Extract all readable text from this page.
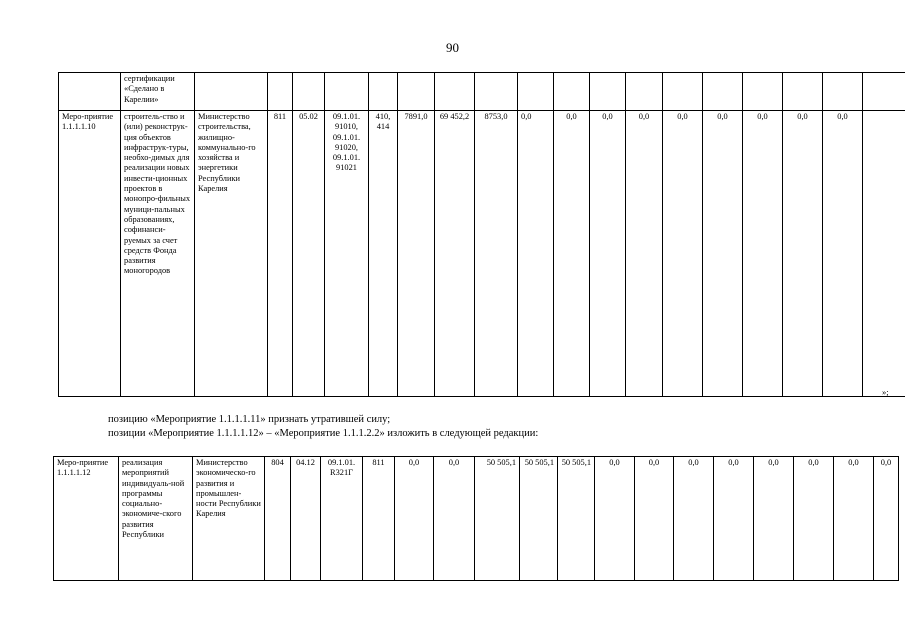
90
	сертификации «Сделано в Карелии»																		
Меро-приятие 1.1.1.1.10	строитель-ство и (или) реконструк-ция объектов инфраструк-туры, необхо-димых для реализации новых инвести-ционных проектов в монопро-фильных муници-пальных образованиях, софинанси-руемых за счет средств Фонда развития моногородов	Министерство строительства, жилищно-коммунально-го хозяйства и энергетики Республики Карелия	811	05.02	09.1.01. 91010, 09.1.01. 91020, 09.1.01. 91021	410, 414	7891,0	69 452,2	8753,0	0,0	0,0	0,0	0,0	0,0	0,0	0,0	0,0	0,0	
»;
позицию «Мероприятие 1.1.1.1.11» признать утратившей силу;
позиции «Мероприятие 1.1.1.1.12» – «Мероприятие 1.1.1.2.2» изложить в следующей редакции:
Меро-приятие 1.1.1.1.12	реализация мероприятий индивидуаль-ной программы социально-экономиче-ского развития Республики	Министерство экономическо-го развития и промышлен-ности Республики Карелия	804	04.12	09.1.01. R321Г	811	0,0	0,0	50 505,1	50 505,1	50 505,1	0,0	0,0	0,0	0,0	0,0	0,0	0,0	0,0
